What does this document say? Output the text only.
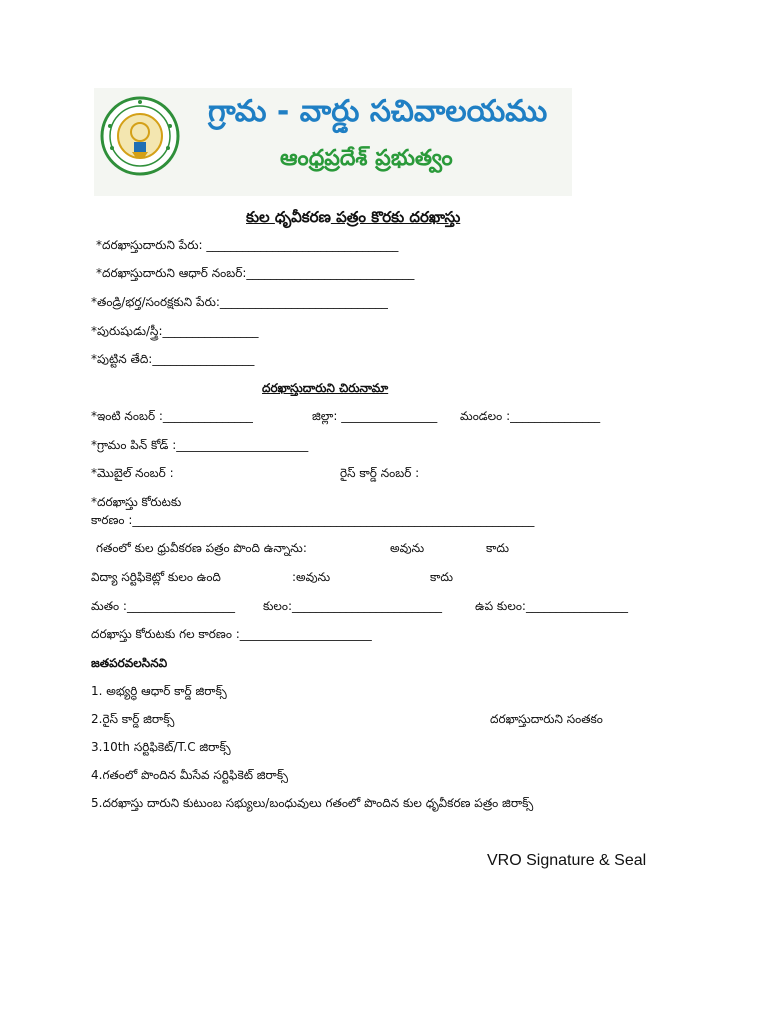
గ్రామ - వార్డు సచివాలయము
ఆంధ్రప్రదేశ్ ప్రభుత్వం
కుల ధృవీకరణ పత్రం కొరకు దరఖాస్తు
*దరఖాస్తుదారుని పేరు: ________________________________
*దరఖాస్తుదారుని ఆధార్ నంబర్:____________________________
*తండ్రి/భర్త/సంరక్షకుని పేరు:____________________________
*పురుషుడు/స్త్రీ:________________
*పుట్టిన తేది:_________________
దరఖాస్తుదారుని చిరునామా
*ఇంటి నంబర్ :_______________	జిల్లా: ________________ మండలం :_______________
*గ్రామం పిన్ కోడ్ :______________________
*మొబైల్ నంబర్ :	రైస్ కార్డ్ నంబర్ :
*దరఖాస్తు కోరుటకు
కారణం :___________________________________________________________________
గతంలో కుల ధ్రువీకరణ పత్రం పొంది ఉన్నాను:	అవును	కాదు
విద్యా సర్టిఫికెట్లో కులం ఉంది	:అవును	కాదు
మతం :__________________ కులం:_________________________	ఉప కులం:_________________
దరఖాస్తు కోరుటకు గల కారణం :______________________
జతపరవలసినవి
1. అభ్యర్ధి ఆధార్ కార్డ్ జిరాక్స్
2.రైస్ కార్డ్ జిరాక్స్	దరఖాస్తుదారుని సంతకం
3.10th సర్టిఫికెట్/T.C జిరాక్స్
4.గతంలో పొందిన మీసేవ సర్టిఫికెట్ జిరాక్స్
5.దరఖాస్తు దారుని కుటుంబ సభ్యులు/బంధువులు గతంలో పొందిన కుల ధృవీకరణ పత్రం జిరాక్స్
VRO Signature & Seal
